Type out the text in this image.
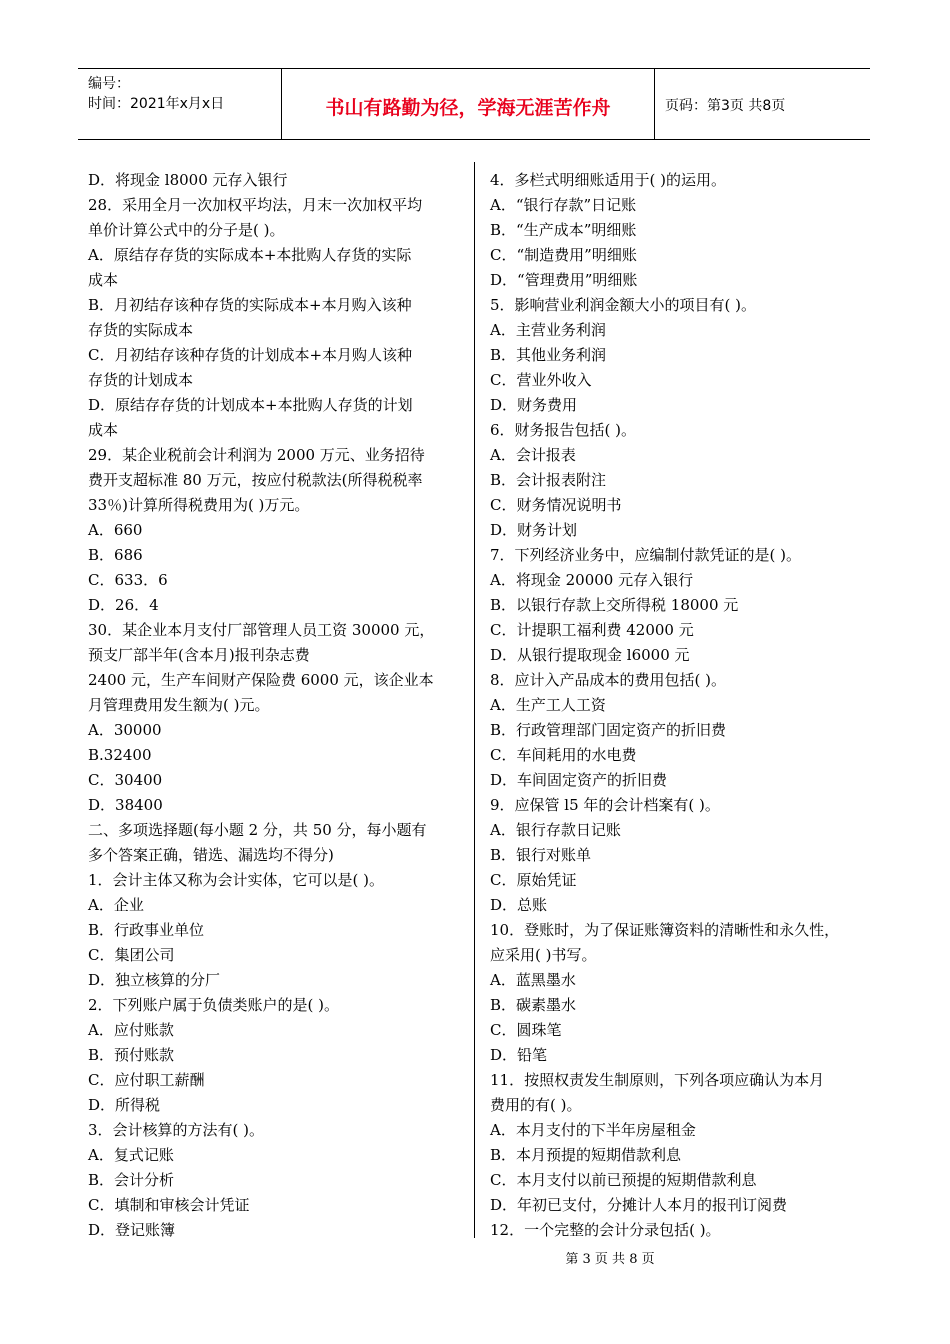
编号：
时间：2021年x月x日	书山有路勤为径，学海无涯苦作舟	页码：第3页 共8页
D．将现金 l8000 元存入银行
28．采用全月一次加权平均法，月末一次加权平均
单价计算公式中的分子是( )。
A．原结存存货的实际成本+本批购人存货的实际
成本
B．月初结存该种存货的实际成本+本月购入该种
存货的实际成本
C．月初结存该种存货的计划成本+本月购人该种
存货的计划成本
D．原结存存货的计划成本+本批购人存货的计划
成本
29．某企业税前会计利润为 2000 万元、业务招待
费开支超标准 80 万元，按应付税款法(所得税税率
33％)计算所得税费用为( )万元。
A．660
B．686
C．633．6
D．26．4
30．某企业本月支付厂部管理人员工资 30000 元，
预支厂部半年(含本月)报刊杂志费
2400 元，生产车间财产保险费 6000 元，该企业本
月管理费用发生额为( )元。
A．30000
B.32400
C．30400
D．38400
二、多项选择题(每小题 2 分，共 50 分，每小题有
多个答案正确，错选、漏选均不得分)
1．会计主体又称为会计实体，它可以是( )。
A．企业
B．行政事业单位
C．集团公司
D．独立核算的分厂
2．下列账户属于负债类账户的是( )。
A．应付账款
B．预付账款
C．应付职工薪酬
D．所得税
3．会计核算的方法有( )。
A．复式记账
B．会计分析
C．填制和审核会计凭证
D．登记账簿
4．多栏式明细账适用于( )的运用。
A．“银行存款”日记账
B．“生产成本”明细账
C．“制造费用”明细账
D．“管理费用”明细账
5．影响营业利润金额大小的项目有( )。
A．主营业务利润
B．其他业务利润
C．营业外收入
D．财务费用
6．财务报告包括( )。
A．会计报表
B．会计报表附注
C．财务情况说明书
D．财务计划
7．下列经济业务中，应编制付款凭证的是( )。
A．将现金 20000 元存入银行
B．以银行存款上交所得税 18000 元
C．计提职工福利费 42000 元
D．从银行提取现金 l6000 元
8．应计入产品成本的费用包括( )。
A．生产工人工资
B．行政管理部门固定资产的折旧费
C．车间耗用的水电费
D．车间固定资产的折旧费
9．应保管 l5 年的会计档案有( )。
A．银行存款日记账
B．银行对账单
C．原始凭证
D．总账
10．登账时，为了保证账簿资料的清晰性和永久性，
应采用( )书写。
A．蓝黑墨水
B．碳素墨水
C．圆珠笔
D．铅笔
11．按照权责发生制原则，下列各项应确认为本月
费用的有( )。
A．本月支付的下半年房屋租金
B．本月预提的短期借款利息
C．本月支付以前已预提的短期借款利息
D．年初已支付，分摊计人本月的报刊订阅费
12．一个完整的会计分录包括( )。
第 3 页 共 8 页
